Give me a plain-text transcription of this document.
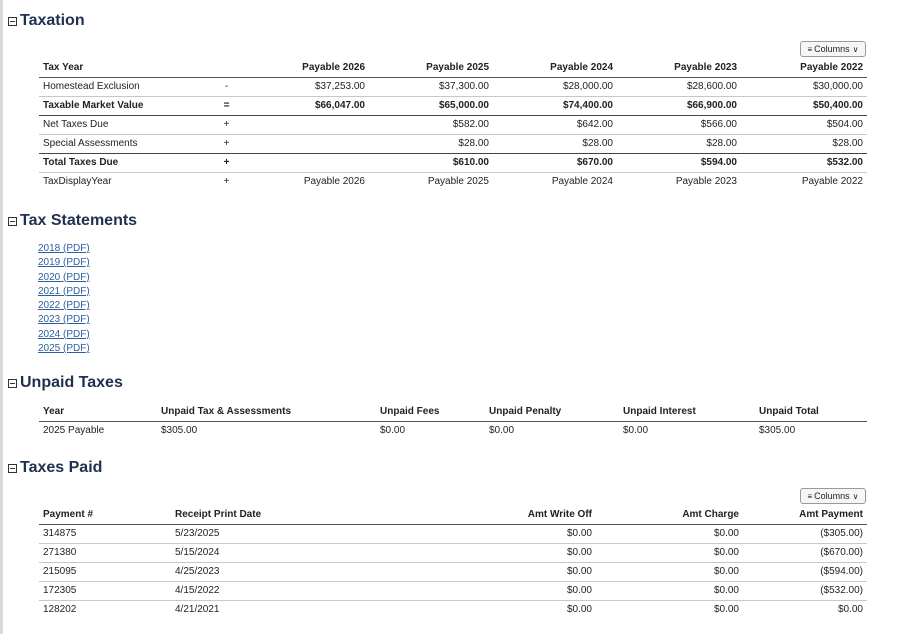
Taxation
≡ Columns ∨
Tax Year		Payable 2026	Payable 2025	Payable 2024	Payable 2023	Payable 2022
Homestead Exclusion	-	$37,253.00	$37,300.00	$28,000.00	$28,600.00	$30,000.00
Taxable Market Value	=	$66,047.00	$65,000.00	$74,400.00	$66,900.00	$50,400.00
Net Taxes Due	+		$582.00	$642.00	$566.00	$504.00
Special Assessments	+		$28.00	$28.00	$28.00	$28.00
Total Taxes Due	+		$610.00	$670.00	$594.00	$532.00
TaxDisplayYear	+	Payable 2026	Payable 2025	Payable 2024	Payable 2023	Payable 2022
Tax Statements
2018 (PDF)
2019 (PDF)
2020 (PDF)
2021 (PDF)
2022 (PDF)
2023 (PDF)
2024 (PDF)
2025 (PDF)
Unpaid Taxes
Year	Unpaid Tax & Assessments	Unpaid Fees	Unpaid Penalty	Unpaid Interest	Unpaid Total
2025 Payable	$305.00	$0.00	$0.00	$0.00	$305.00
Taxes Paid
≡ Columns ∨
Payment #	Receipt Print Date	Amt Write Off	Amt Charge	Amt Payment
314875	5/23/2025	$0.00	$0.00	($305.00)
271380	5/15/2024	$0.00	$0.00	($670.00)
215095	4/25/2023	$0.00	$0.00	($594.00)
172305	4/15/2022	$0.00	$0.00	($532.00)
128202	4/21/2021	$0.00	$0.00	$0.00
